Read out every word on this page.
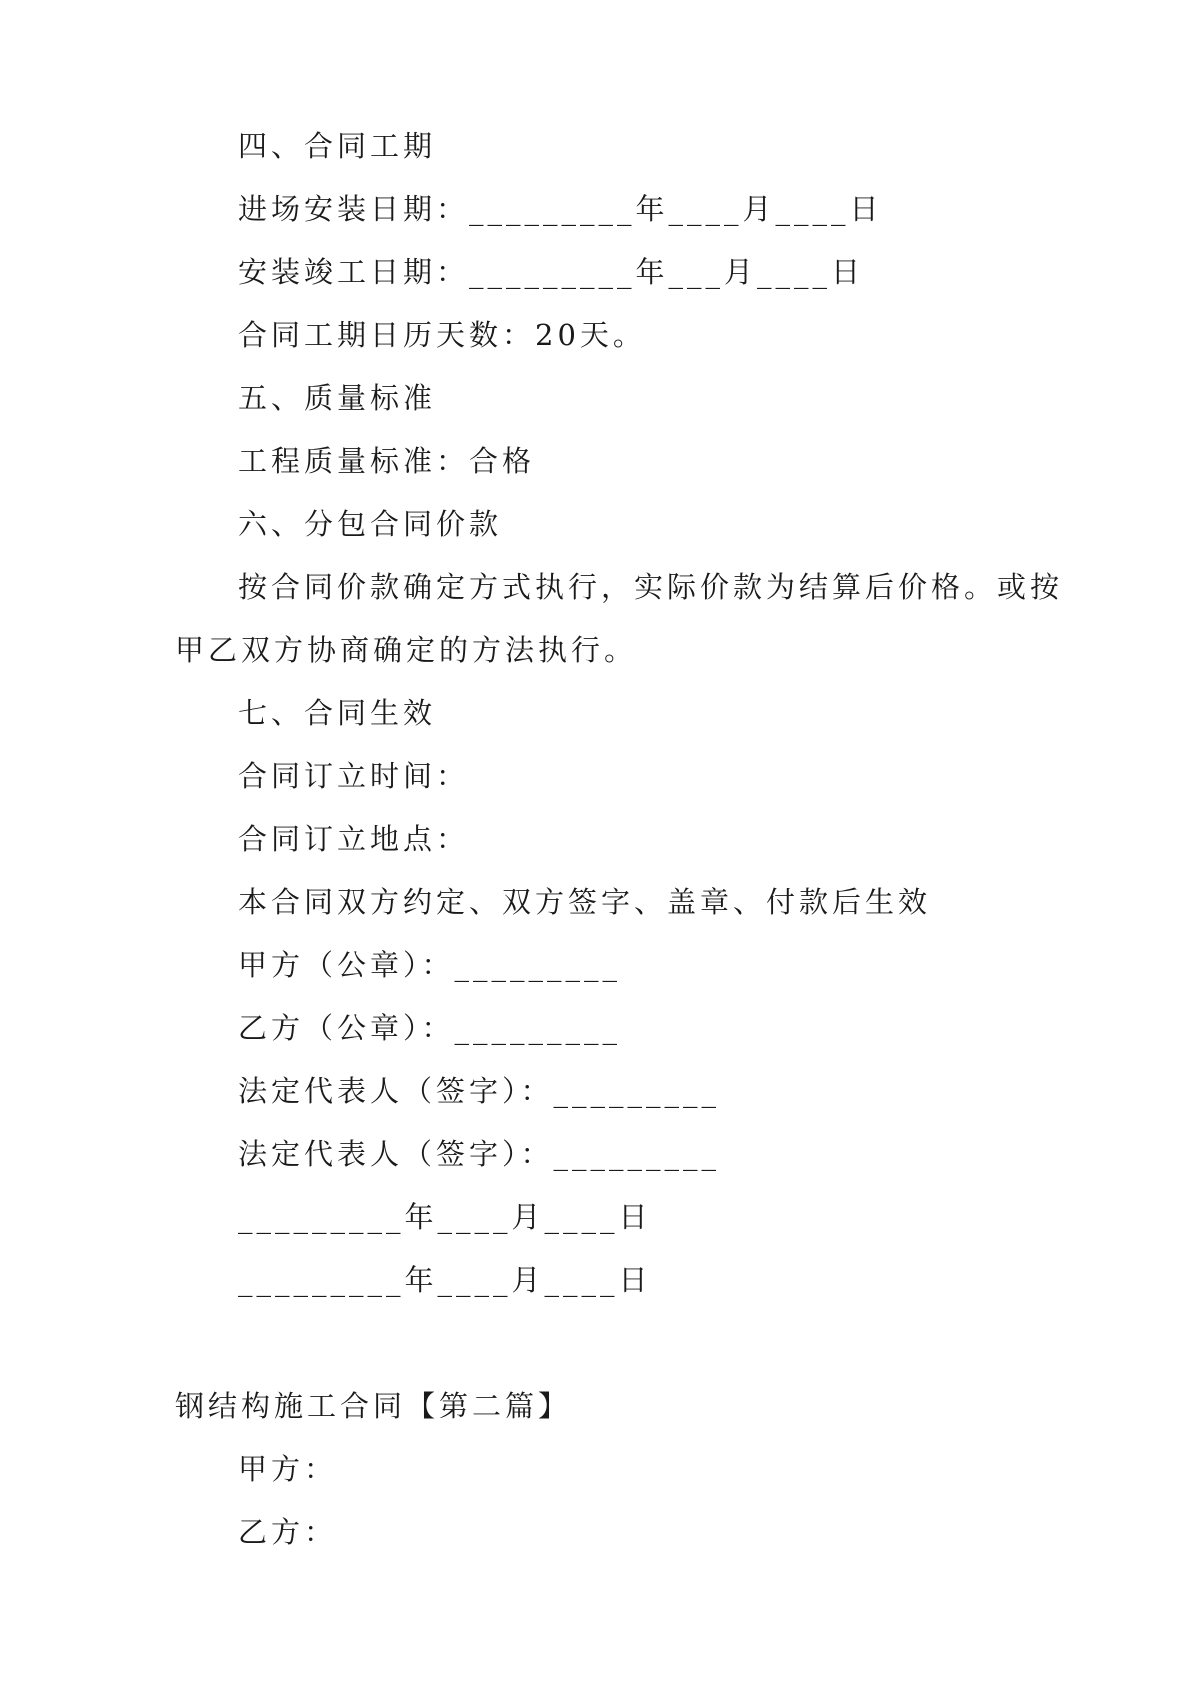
四、合同工期
进场安装日期：_________年____月____日
安装竣工日期：_________年___月____日
合同工期日历天数：20天。
五、质量标准
工程质量标准：合格
六、分包合同价款
按合同价款确定方式执行，实际价款为结算后价格。或按
甲乙双方协商确定的方法执行。
七、合同生效
合同订立时间：
合同订立地点：
本合同双方约定、双方签字、盖章、付款后生效
甲方（公章）：_________
乙方（公章）：_________
法定代表人（签字）：_________
法定代表人（签字）：_________
_________年____月____日
_________年____月____日
钢结构施工合同【第二篇】
甲方：
乙方：
